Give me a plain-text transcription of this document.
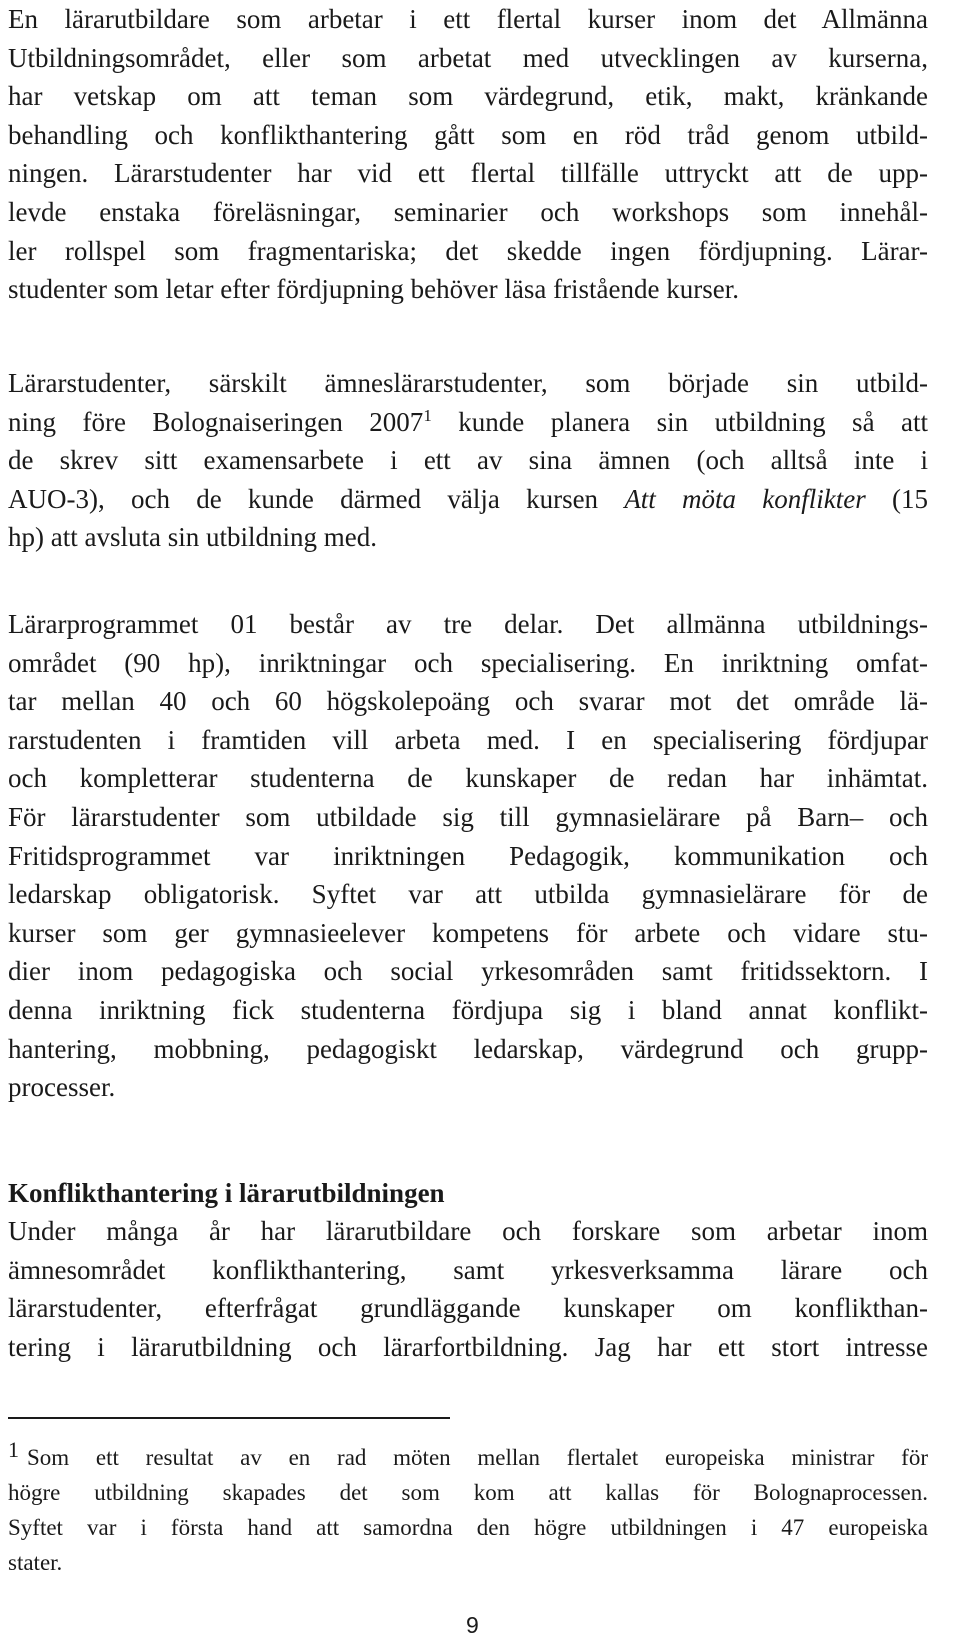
En lärarutbildare som arbetar i ett flertal kurser inom det Allmänna
Utbildningsområdet, eller som arbetat med utvecklingen av kurserna,
har vetskap om att teman som värdegrund, etik, makt, kränkande
behandling och konflikthantering gått som en röd tråd genom utbild-
ningen. Lärarstudenter har vid ett flertal tillfälle uttryckt att de upp-
levde enstaka föreläsningar, seminarier och workshops som innehål-
ler rollspel som fragmentariska; det skedde ingen fördjupning. Lärar-
studenter som letar efter fördjupning behöver läsa fristående kurser.
Lärarstudenter, särskilt ämneslärarstudenter, som började sin utbild-
ning före Bolognaiseringen 2007$^1$ kunde planera sin utbildning så att
de skrev sitt examensarbete i ett av sina ämnen (och alltså inte i
AUO-3), och de kunde därmed välja kursen Att möta konflikter (15
hp) att avsluta sin utbildning med.
Lärarprogrammet 01 består av tre delar. Det allmänna utbildnings-
området (90 hp), inriktningar och specialisering. En inriktning omfat-
tar mellan 40 och 60 högskolepoäng och svarar mot det område lä-
rarstudenten i framtiden vill arbeta med. I en specialisering fördjupar
och kompletterar studenterna de kunskaper de redan har inhämtat.
För lärarstudenter som utbildade sig till gymnasielärare på Barn– och
Fritidsprogrammet var inriktningen Pedagogik, kommunikation och
ledarskap obligatorisk. Syftet var att utbilda gymnasielärare för de
kurser som ger gymnasieelever kompetens för arbete och vidare stu-
dier inom pedagogiska och social yrkesområden samt fritidssektorn. I
denna inriktning fick studenterna fördjupa sig i bland annat konflikt-
hantering, mobbning, pedagogiskt ledarskap, värdegrund och grupp-
processer.
Konflikthantering i lärarutbildningen
Under många år har lärarutbildare och forskare som arbetar inom
ämnesområdet konflikthantering, samt yrkesverksamma lärare och
lärarstudenter, efterfrågat grundläggande kunskaper om konflikthan-
tering i lärarutbildning och lärarfortbildning. Jag har ett stort intresse
1 Som ett resultat av en rad möten mellan flertalet europeiska ministrar för
högre utbildning skapades det som kom att kallas för Bolognaprocessen.
Syftet var i första hand att samordna den högre utbildningen i 47 europeiska
stater.

9
